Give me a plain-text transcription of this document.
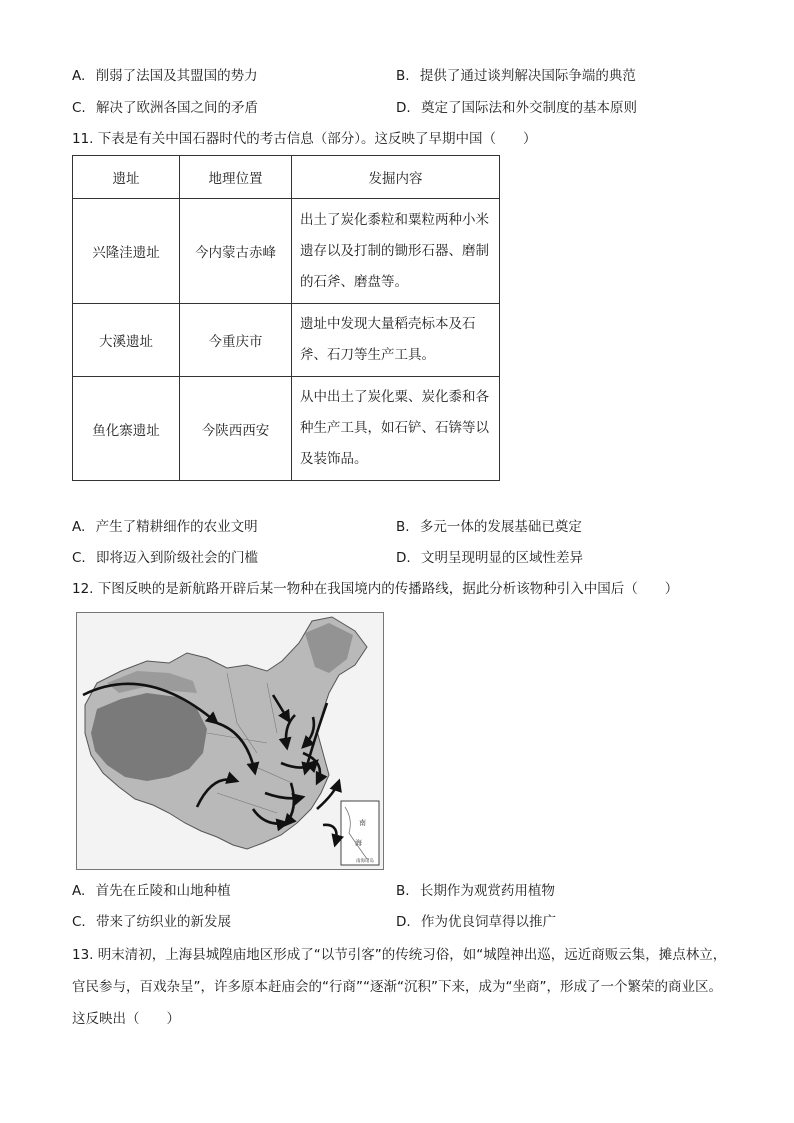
A. 削弱了法国及其盟国的势力	B. 提供了通过谈判解决国际争端的典范
C. 解决了欧洲各国之间的矛盾	D. 奠定了国际法和外交制度的基本原则
11. 下表是有关中国石器时代的考古信息（部分）。这反映了早期中国（　　）
遗址	地理位置	发掘内容
兴隆洼遗址	今内蒙古赤峰	出土了炭化黍粒和粟粒两种小米遗存以及打制的锄形石器、磨制的石斧、磨盘等。
大溪遗址	今重庆市	遗址中发现大量稻壳标本及石斧、石刀等生产工具。
鱼化寨遗址	今陕西西安	从中出土了炭化粟、炭化黍和各种生产工具，如石铲、石锛等以及装饰品。
A. 产生了精耕细作的农业文明	B. 多元一体的发展基础已奠定
C. 即将迈入到阶级社会的门槛	D. 文明呈现明显的区域性差异
12. 下图反映的是新航路开辟后某一物种在我国境内的传播路线，据此分析该物种引入中国后（　　）
南
海
南海诸岛
A. 首先在丘陵和山地种植	B. 长期作为观赏药用植物
C. 带来了纺织业的新发展	D. 作为优良饲草得以推广
13. 明末清初，上海县城隍庙地区形成了“以节引客”的传统习俗，如“城隍神出巡，远近商贩云集，摊点林立，官民参与，百戏杂呈”，许多原本赶庙会的“行商”“逐渐“沉积”下来，成为“坐商”，形成了一个繁荣的商业区。这反映出（　　）
